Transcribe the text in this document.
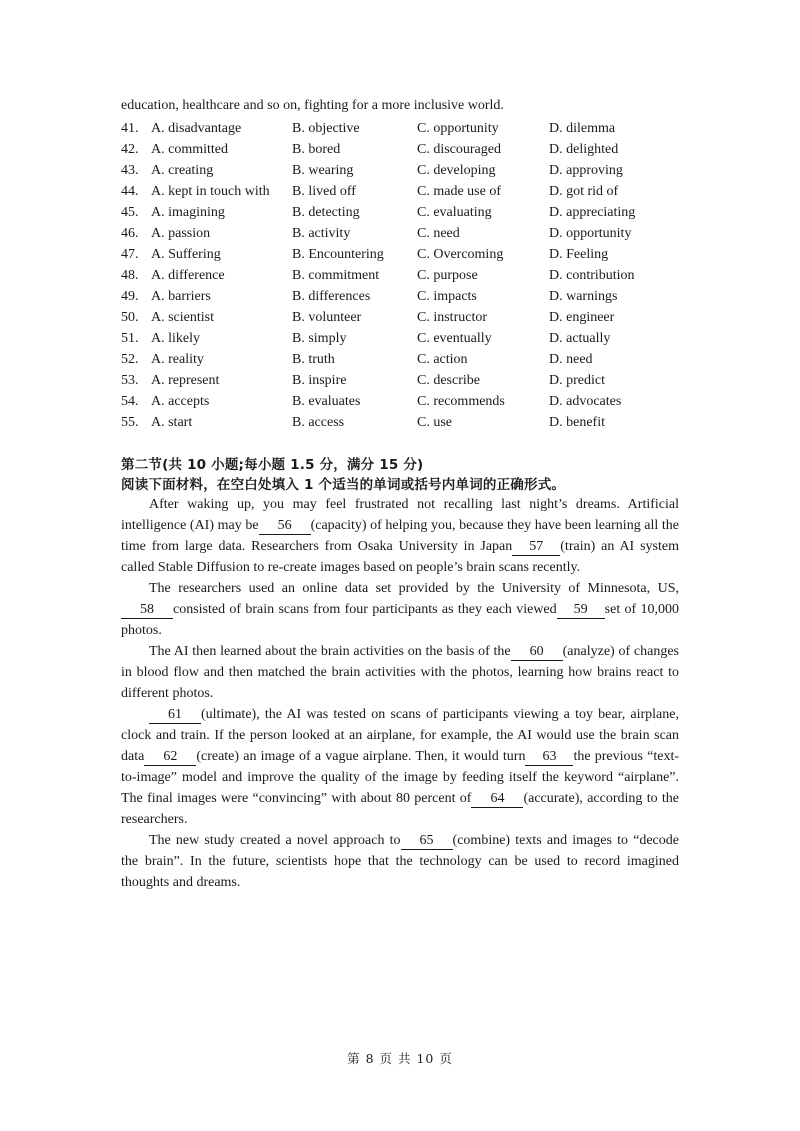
education, healthcare and so on, fighting for a more inclusive world.
41. A. disadvantage	B. objective	C. opportunity	D. dilemma
42. A. committed	B. bored	C. discouraged	D. delighted
43. A. creating	B. wearing	C. developing	D. approving
44. A. kept in touch with B. lived off	C. made use of	D. got rid of
45. A. imagining	B. detecting	C. evaluating	D. appreciating
46. A. passion	B. activity	C. need	D. opportunity
47. A. Suffering	B. Encountering C. Overcoming	D. Feeling
48. A. difference	B. commitment	C. purpose	D. contribution
49. A. barriers	B. differences	C. impacts	D. warnings
50. A. scientist	B. volunteer	C. instructor	D. engineer
51. A. likely	B. simply	C. eventually	D. actually
52. A. reality	B. truth	C. action	D. need
53. A. represent	B. inspire	C. describe	D. predict
54. A. accepts	B. evaluates	C. recommends	D. advocates
55. A. start	B. access	C. use	D. benefit
第二节(共 10 小题;每小题 1.5 分，满分 15 分)
阅读下面材料，在空白处填入 1 个适当的单词或括号内单词的正确形式。

After waking up, you may feel frustrated not recalling last night’s dreams. Artificial intelligence (AI) may be 56 (capacity) of helping you, because they have been learning all the time from large data. Researchers from Osaka University in Japan 57 (train) an AI system called Stable Diffusion to re-create images based on people’s brain scans recently.

The researchers used an online data set provided by the University of Minnesota, US,58 consisted of brain scans from four participants as they each viewed 59 set of 10,000 photos.

The AI then learned about the brain activities on the basis of the 60 (analyze) of changes in blood flow and then matched the brain activities with the photos, learning how brains react to different photos.

61 (ultimate), the AI was tested on scans of participants viewing a toy bear, airplane, clock and train. If the person looked at an airplane, for example, the AI would use the brain scan data 62 (create) an image of a vague airplane. Then, it would turn 63 the previous “text-to-image” model and improve the quality of the image by feeding itself the keyword “airplane”. The final images were “convincing” with about 80 percent of 64 (accurate), according to the researchers.

The new study created a novel approach to 65 (combine) texts and images to “decode the brain”. In the future, scientists hope that the technology can be used to record imagined thoughts and dreams.

第 8 页 共 10 页
